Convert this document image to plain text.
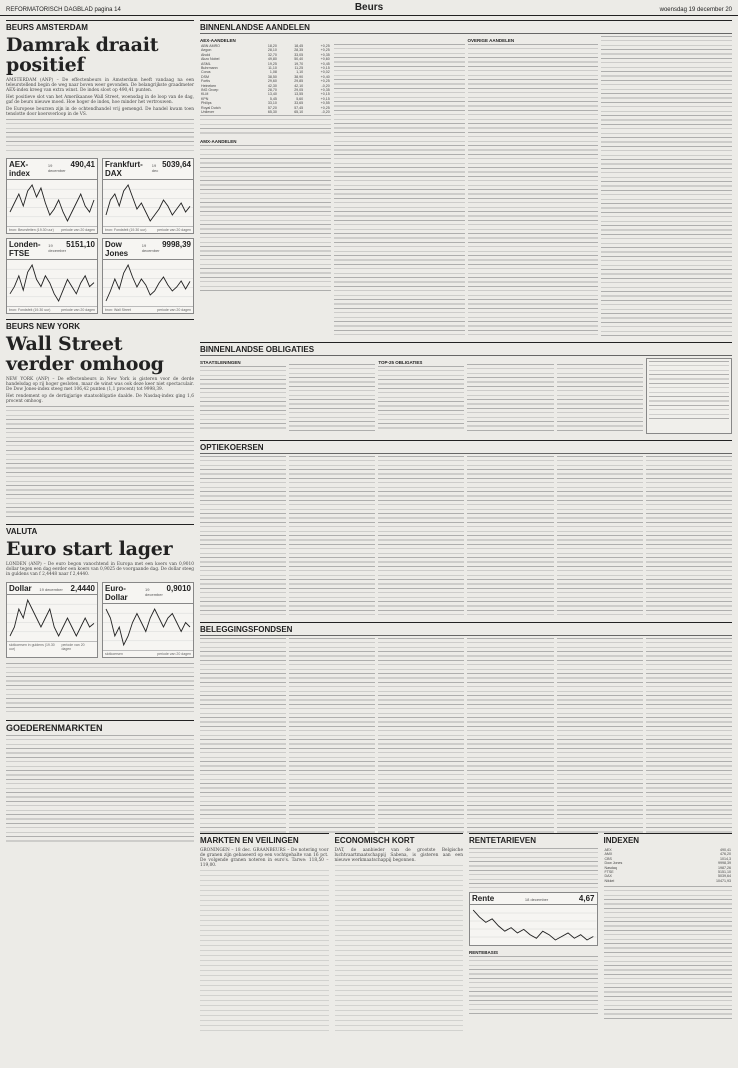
REFORMATORISCH DAGBLAD pagina 14	Beurs	woensdag 19 december 20
BEURS AMSTERDAM
Damrak draait positief

AMSTERDAM (ANP) – De effectenbeurs in Amsterdam heeft vandaag na een teleurstellend begin de weg naar boven weer gevonden. De belangrijkste graadmeter AEX-index kreeg van extra winst. De index sloot op 490,41 punten.

Het positieve slot van het Amerikaanse Wall Street, woensdag in de loop van de dag, gaf de beurs nieuwe moed. Hoe hoger de index, hoe minder het vertrouwen.

De Europese beurzen zijn in de ochtendhandel vrij gemengd. De handel kwam toen tenslotte door koersverloop in de VS.

AEX-index
19 december
490,41
bron: Beursfeiten (19.30 uur) periode van 20 dagen
Frankfurt-DAX
19 dec
5039,64
bron: Fondsfeit (19.30 uur)	periode van 20 dagen
Londen-FTSE
19 december
5151,10
bron: Fondsfeit (19.30 uur)	periode van 20 dagen
Dow Jones
19 december
9998,39
bron: Wall Street	periode van 20 dagen
BEURS NEW YORK
Wall Street verder omhoog

NEW YORK (ANP) – De effectenbeurs in New York is gisteren voor de derde handelsdag op rij hoger gesloten, maar de winst was ook deze keer niet spectaculair. De Dow Jones-index steeg met 106,42 punten (1,1 procent) tot 9998,39.

Het rendement op de dertigjarige staatsobligatie daalde. De Nasdaq-index ging 1,6 procent omhoog.

VALUTA
Euro start lager

LONDEN (ANP) – De euro begon vanochtend in Europa met een koers van 0,9010 dollar tegen een dag eerder een koers van 0,9025 de voorgaande dag. De dollar steeg in guldens van f 2,4448 naar f 2,4440.

Dollar 19 december 2,4440
slotkoersen in guldens (19.30 uur)
periode van 20 dagen
Euro-Dollar
19 december
0,9010
slotkoersen	periode van 20 dagen
GOEDERENMARKTEN
BINNENLANDSE AANDELEN
AEX-AANDELEN
ABN AMRO	18,20	18,45	+0,25
Aegon	28,10	28,35	+0,25
Ahold	32,70	33,05	+0,35
Akzo Nobel	49,80	50,40	+0,60
ASML	19,25	19,70	+0,45
Buhrmann	11,10	11,25	+0,15
Corus	1,08	1,10	+0,02
DSM	38,50	38,90	+0,40
Fortis	29,60	29,85	+0,25
Heineken	42,30	42,10	-0,20
ING Groep	28,70	29,05	+0,35
KLM	13,40	13,55	+0,15
KPN	5,45	5,60	+0,15
Philips	33,10	33,65	+0,55
Royal Dutch	57,20	57,45	+0,25
Unilever	65,30	65,10	-0,20
AMX-AANDELEN
OVERIGE AANDELEN
BINNENLANDSE OBLIGATIES
STAATSLENINGEN	TOP-25 OBLIGATIES
OPTIEKOERSEN
BELEGGINGSFONDSEN
MARKTEN EN VEILINGEN
GRONINGEN – 18 dec. GRAANBEURS – De notering voor de granen zijn gebaseerd op een vochtgehalte van 16 pct. De volgende granen noteren in euro's. Tarwe: 118,50 – 119,00.
ECONOMISCH KORT
DAT, de aanbieder van de grootste Belgische luchtvaartmaatschappij Sabena, is gisteren aan een nieuwe werkmaatschappij begonnen.
RENTETARIEVEN
Rente	18 december	4,67
RENTEBASIS
INDEXEN
AEX	490,41
AMX	476,20
CBS	1014,3
Dow Jones	9998,39
Nasdaq	1987,26
FTSE	5151,10
DAX	5039,64
Nikkei	10471,93
